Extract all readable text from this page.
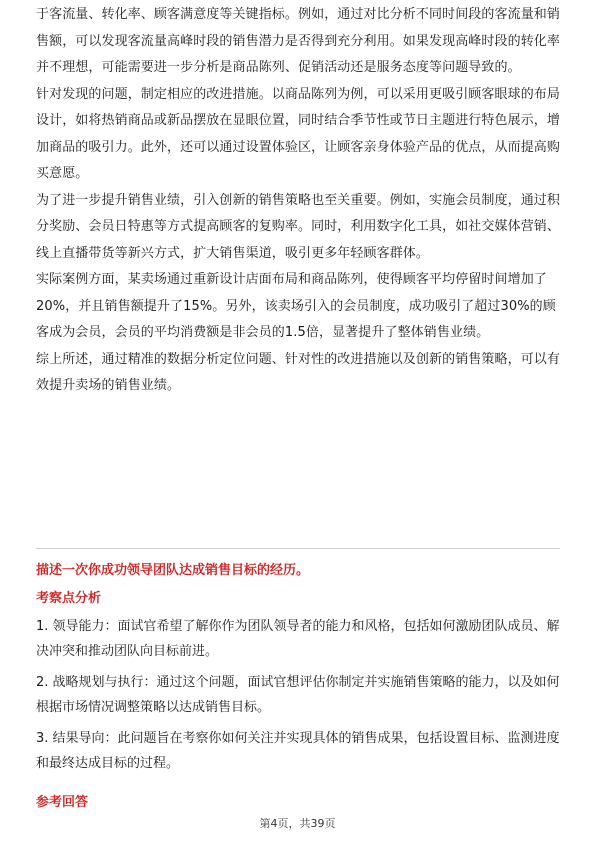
于客流量、转化率、顾客满意度等关键指标。例如，通过对比分析不同时间段的客流量和销售额，可以发现客流量高峰时段的销售潜力是否得到充分利用。如果发现高峰时段的转化率并不理想，可能需要进一步分析是商品陈列、促销活动还是服务态度等问题导致的。

针对发现的问题，制定相应的改进措施。以商品陈列为例，可以采用更吸引顾客眼球的布局设计，如将热销商品或新品摆放在显眼位置，同时结合季节性或节日主题进行特色展示，增加商品的吸引力。此外，还可以通过设置体验区，让顾客亲身体验产品的优点，从而提高购买意愿。

为了进一步提升销售业绩，引入创新的销售策略也至关重要。例如，实施会员制度，通过积分奖励、会员日特惠等方式提高顾客的复购率。同时，利用数字化工具，如社交媒体营销、线上直播带货等新兴方式，扩大销售渠道，吸引更多年轻顾客群体。

实际案例方面，某卖场通过重新设计店面布局和商品陈列，使得顾客平均停留时间增加了20%，并且销售额提升了15%。另外，该卖场引入的会员制度，成功吸引了超过30%的顾客成为会员，会员的平均消费额是非会员的1.5倍，显著提升了整体销售业绩。

综上所述，通过精准的数据分析定位问题、针对性的改进措施以及创新的销售策略，可以有效提升卖场的销售业绩。

描述一次你成功领导团队达成销售目标的经历。

考察点分析

1. 领导能力：面试官希望了解你作为团队领导者的能力和风格，包括如何激励团队成员、解决冲突和推动团队向目标前进。

2. 战略规划与执行：通过这个问题，面试官想评估你制定并实施销售策略的能力，以及如何根据市场情况调整策略以达成销售目标。

3. 结果导向：此问题旨在考察你如何关注并实现具体的销售成果，包括设置目标、监测进度和最终达成目标的过程。

参考回答

第4页，共39页
